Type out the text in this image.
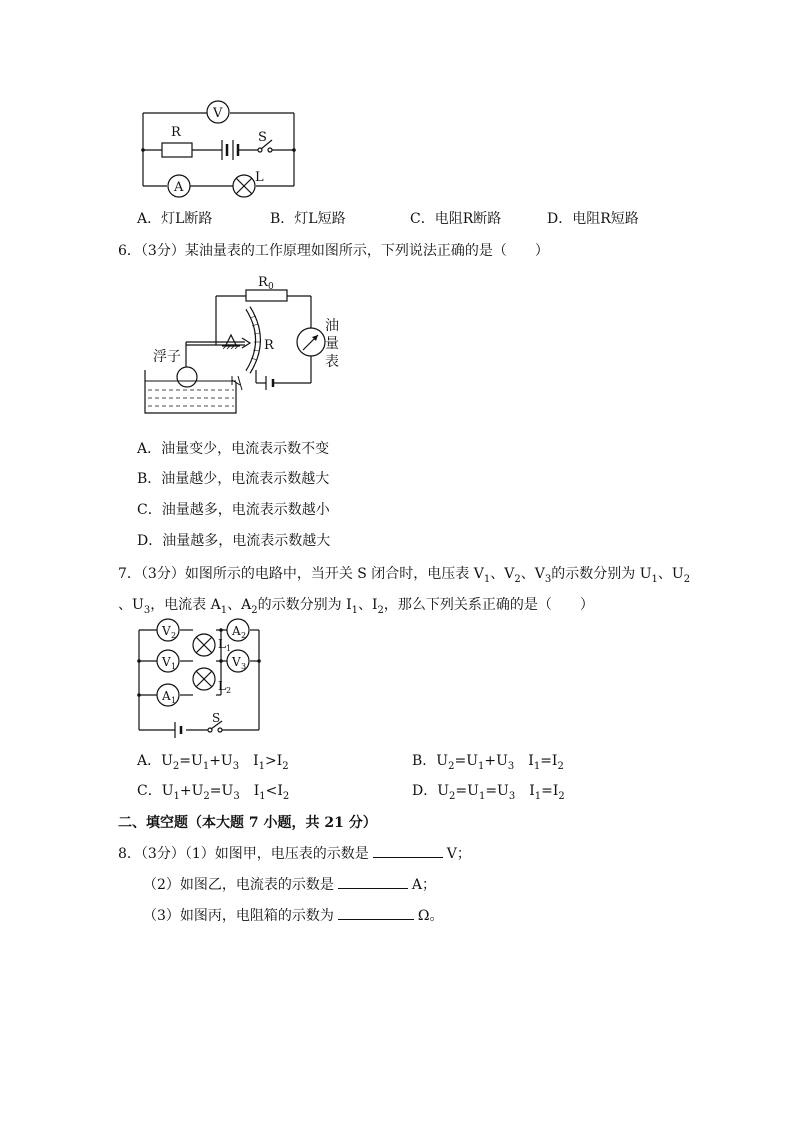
V
R	S
A
L
A．灯L断路	B．灯L短路	C．电阻R断路	D．电阻R短路
6．（3分）某油量表的工作原理如图所示，下列说法正确的是（　　）
R 0
R
油
量
表
浮子
A．油量变少，电流表示数不变
B．油量越少，电流表示数越大
C．油量越多，电流表示数越小
D．油量越多，电流表示数越大
7．（3分）如图所示的电路中，当开关 S 闭合时，电压表 $V_1$、$V_2$、$V_3$的示数分别为 $U_1$、$U_2$
、$U_3$，电流表 $A_1$、$A_2$的示数分别为 $I_1$、$I_2$，那么下列关系正确的是（　　）
V 2
L 1
A 2
V 1	V 3
L 2
A 1
S
A．$U_2=U_1+U_3$　$I_1>I_2$	B．$U_2=U_1+U_3$　$I_1=I_2$
C．$U_1+U_2=U_3$　$I_1<I_2$	D．$U_2=U_1=U_3$　$I_1=I_2$
二、填空题（本大题 7 小题，共 21 分）
8．（3分）（1）如图甲，电压表的示数是	V；
（2）如图乙，电流表的示数是	A；
（3）如图丙，电阻箱的示数为	Ω。
